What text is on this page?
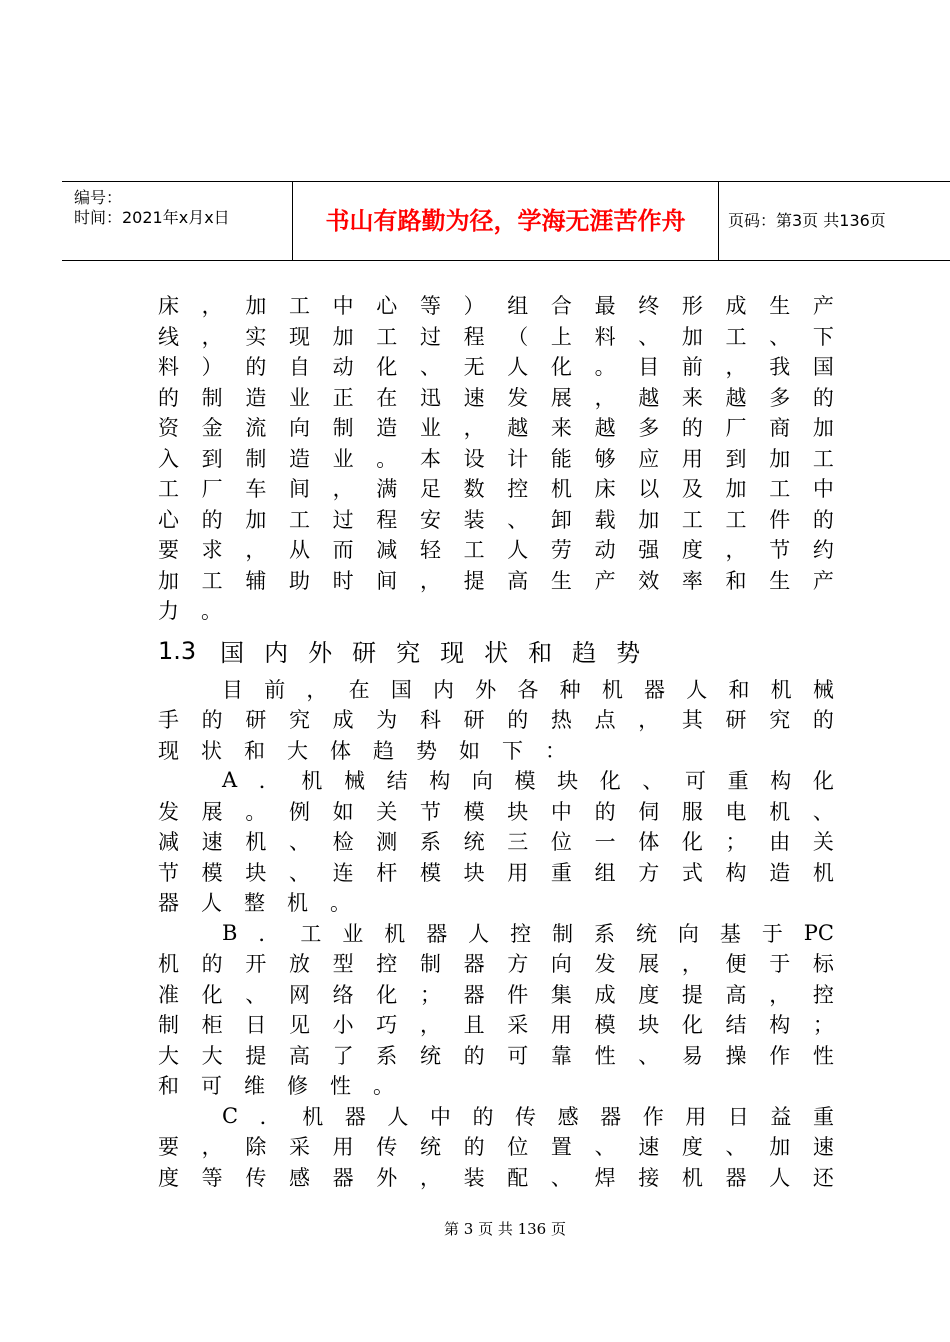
编号：
时间：2021年x月x日	书山有路勤为径，学海无涯苦作舟	页码：第3页 共136页
床 ， 加 工 中 心 等 ） 组 合 最 终 形 成 生 产
线 ， 实 现 加 工 过 程 （ 上 料 、 加 工 、 下
料 ） 的 自 动 化 、 无 人 化 。 目 前 ， 我 国
的 制 造 业 正 在 迅 速 发 展 ， 越 来 越 多 的
资 金 流 向 制 造 业 ， 越 来 越 多 的 厂 商 加
入 到 制 造 业 。 本 设 计 能 够 应 用 到 加 工
工 厂 车 间 ， 满 足 数 控 机 床 以 及 加 工 中
心 的 加 工 过 程 安 装 、 卸 载 加 工 工 件 的
要 求 ， 从 而 减 轻 工 人 劳 动 强 度 ， 节 约
加 工 辅 助 时 间 ， 提 高 生 产 效 率 和 生 产
力 。
1.3 国 内 外 研 究 现 状 和 趋 势
目 前 ， 在 国 内 外 各 种 机 器 人 和 机 械
手 的 研 究 成 为 科 研 的 热 点 ， 其 研 究 的
现 状 和 大 体 趋 势 如 下 ：
A ． 机 械 结 构 向 模 块 化 、 可 重 构 化
发 展 。 例 如 关 节 模 块 中 的 伺 服 电 机 、
减 速 机 、 检 测 系 统 三 位 一 体 化 ； 由 关
节 模 块 、 连 杆 模 块 用 重 组 方 式 构 造 机
器 人 整 机 。
B ． 工 业 机 器 人 控 制 系 统 向 基 于 PC
机 的 开 放 型 控 制 器 方 向 发 展 ， 便 于 标
准 化 、 网 络 化 ； 器 件 集 成 度 提 高 ， 控
制 柜 日 见 小 巧 ， 且 采 用 模 块 化 结 构 ；
大 大 提 高 了 系 统 的 可 靠 性 、 易 操 作 性
和 可 维 修 性 。
C ． 机 器 人 中 的 传 感 器 作 用 日 益 重
要 ， 除 采 用 传 统 的 位 置 、 速 度 、 加 速
度 等 传 感 器 外 ， 装 配 、 焊 接 机 器 人 还
第 3 页 共 136 页
